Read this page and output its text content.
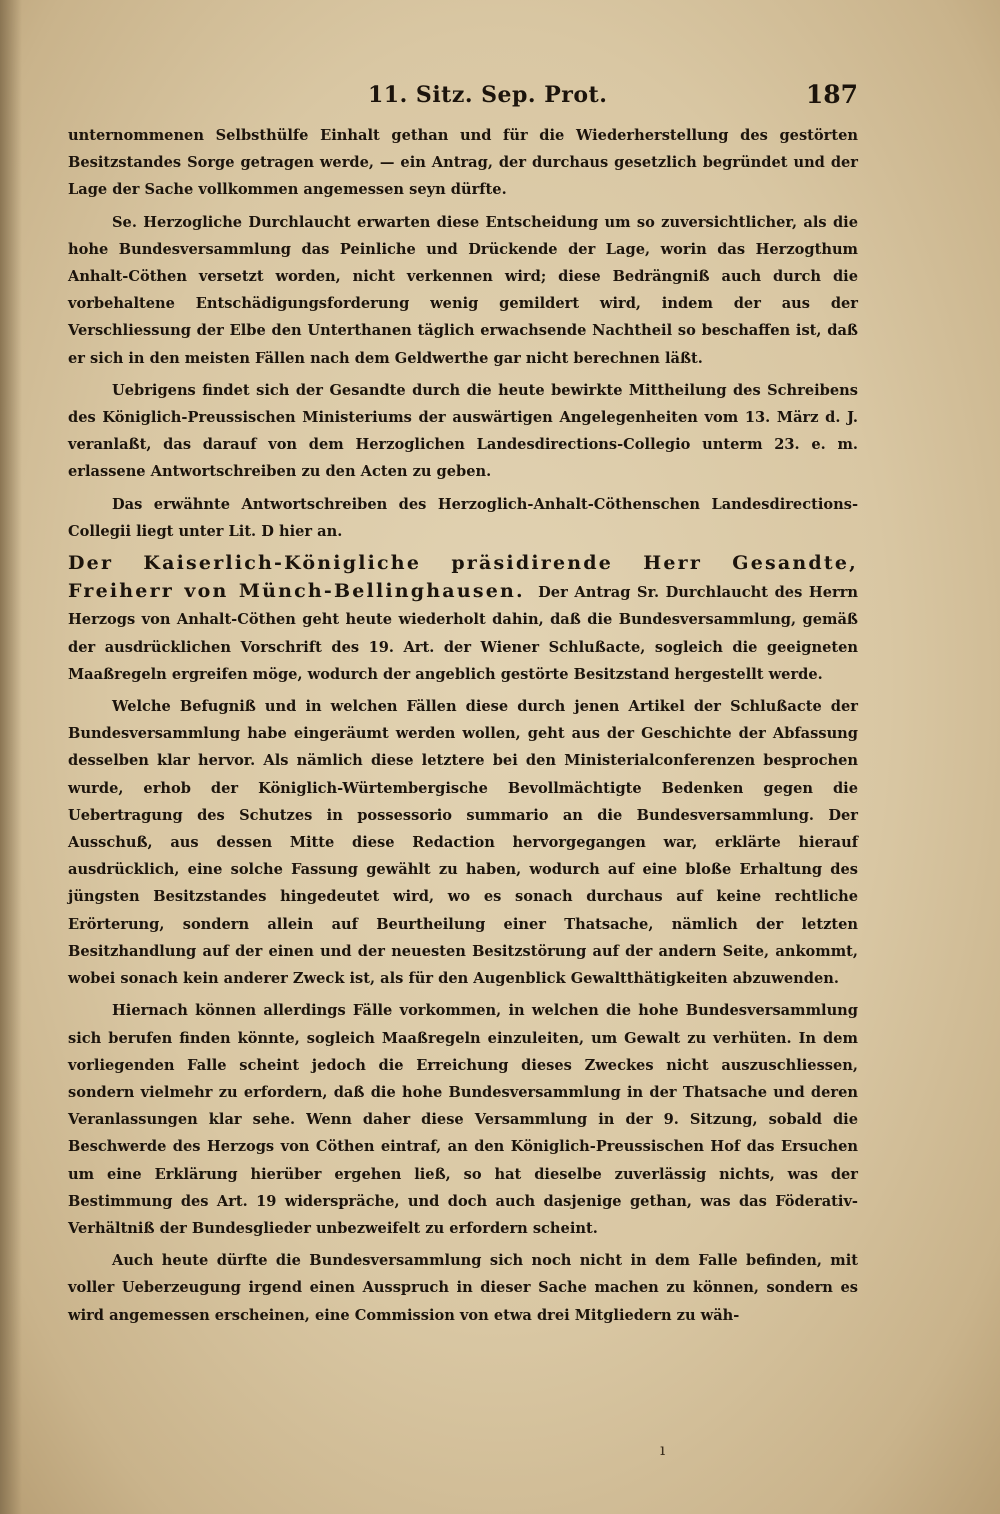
11. Sitz. Sep. Prot.	187

unternommenen Selbsthülfe Einhalt gethan und für die Wiederherstellung des gestörten Besitzstandes Sorge getragen werde, — ein Antrag, der durchaus gesetzlich begründet und der Lage der Sache vollkommen angemessen seyn dürfte.

Se. Herzogliche Durchlaucht erwarten diese Entscheidung um so zuversichtlicher, als die hohe Bundesversammlung das Peinliche und Drückende der Lage, worin das Herzogthum Anhalt-Cöthen versetzt worden, nicht verkennen wird; diese Bedrängniß auch durch die vorbehaltene Entschädigungsforderung wenig gemildert wird, indem der aus der Verschliessung der Elbe den Unterthanen täglich erwachsende Nachtheil so beschaffen ist, daß er sich in den meisten Fällen nach dem Geldwerthe gar nicht berechnen läßt.

Uebrigens findet sich der Gesandte durch die heute bewirkte Mittheilung des Schreibens des Königlich-Preussischen Ministeriums der auswärtigen Angelegenheiten vom 13. März d. J. veranlaßt, das darauf von dem Herzoglichen Landesdirections-Collegio unterm 23. e. m. erlassene Antwortschreiben zu den Acten zu geben.

Das erwähnte Antwortschreiben des Herzoglich-Anhalt-Cöthenschen Landesdirections-Collegii liegt unter Lit. D hier an.

Der Kaiserlich-Königliche präsidirende Herr Gesandte, Freiherr von Münch-Bellinghausen. Der Antrag Sr. Durchlaucht des Herrn Herzogs von Anhalt-Cöthen geht heute wiederholt dahin, daß die Bundesversammlung, gemäß der ausdrücklichen Vorschrift des 19. Art. der Wiener Schlußacte, sogleich die geeigneten Maaßregeln ergreifen möge, wodurch der angeblich gestörte Besitzstand hergestellt werde.

Welche Befugniß und in welchen Fällen diese durch jenen Artikel der Schlußacte der Bundesversammlung habe eingeräumt werden wollen, geht aus der Geschichte der Abfassung desselben klar hervor. Als nämlich diese letztere bei den Ministerialconferenzen besprochen wurde, erhob der Königlich-Würtembergische Bevollmächtigte Bedenken gegen die Uebertragung des Schutzes in possessorio summario an die Bundesversammlung. Der Ausschuß, aus dessen Mitte diese Redaction hervorgegangen war, erklärte hierauf ausdrücklich, eine solche Fassung gewählt zu haben, wodurch auf eine bloße Erhaltung des jüngsten Besitzstandes hingedeutet wird, wo es sonach durchaus auf keine rechtliche Erörterung, sondern allein auf Beurtheilung einer Thatsache, nämlich der letzten Besitzhandlung auf der einen und der neuesten Besitzstörung auf der andern Seite, ankommt, wobei sonach kein anderer Zweck ist, als für den Augenblick Gewaltthätigkeiten abzuwenden.

Hiernach können allerdings Fälle vorkommen, in welchen die hohe Bundesversammlung sich berufen finden könnte, sogleich Maaßregeln einzuleiten, um Gewalt zu verhüten. In dem vorliegenden Falle scheint jedoch die Erreichung dieses Zweckes nicht auszuschliessen, sondern vielmehr zu erfordern, daß die hohe Bundesversammlung in der Thatsache und deren Veranlassungen klar sehe. Wenn daher diese Versammlung in der 9. Sitzung, sobald die Beschwerde des Herzogs von Cöthen eintraf, an den Königlich-Preussischen Hof das Ersuchen um eine Erklärung hierüber ergehen ließ, so hat dieselbe zuverlässig nichts, was der Bestimmung des Art. 19 widerspräche, und doch auch dasjenige gethan, was das Föderativ-Verhältniß der Bundesglieder unbezweifelt zu erfordern scheint.

Auch heute dürfte die Bundesversammlung sich noch nicht in dem Falle befinden, mit voller Ueberzeugung irgend einen Ausspruch in dieser Sache machen zu können, sondern es wird angemessen erscheinen, eine Commission von etwa drei Mitgliedern zu wäh-

ı
